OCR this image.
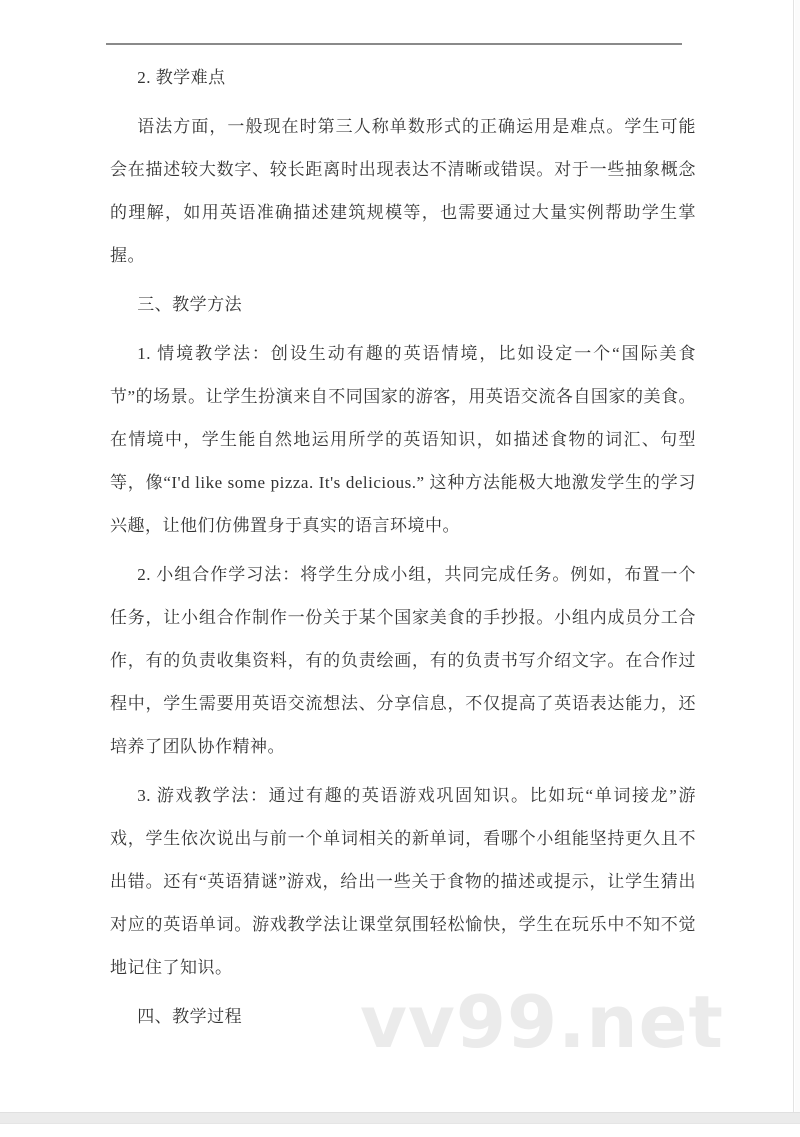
2. 教学难点

语法方面，一般现在时第三人称单数形式的正确运用是难点。学生可能会在描述较大数字、较长距离时出现表达不清晰或错误。对于一些抽象概念的理解，如用英语准确描述建筑规模等，也需要通过大量实例帮助学生掌握。

三、教学方法

1. 情境教学法：创设生动有趣的英语情境，比如设定一个“国际美食节”的场景。让学生扮演来自不同国家的游客，用英语交流各自国家的美食。在情境中，学生能自然地运用所学的英语知识，如描述食物的词汇、句型等，像“I'd like some pizza. It's delicious.” 这种方法能极大地激发学生的学习兴趣，让他们仿佛置身于真实的语言环境中。

2. 小组合作学习法：将学生分成小组，共同完成任务。例如，布置一个任务，让小组合作制作一份关于某个国家美食的手抄报。小组内成员分工合作，有的负责收集资料，有的负责绘画，有的负责书写介绍文字。在合作过程中，学生需要用英语交流想法、分享信息，不仅提高了英语表达能力，还培养了团队协作精神。

3. 游戏教学法：通过有趣的英语游戏巩固知识。比如玩“单词接龙”游戏，学生依次说出与前一个单词相关的新单词，看哪个小组能坚持更久且不出错。还有“英语猜谜”游戏，给出一些关于食物的描述或提示，让学生猜出对应的英语单词。游戏教学法让课堂氛围轻松愉快，学生在玩乐中不知不觉地记住了知识。

四、教学过程	vv99.net
